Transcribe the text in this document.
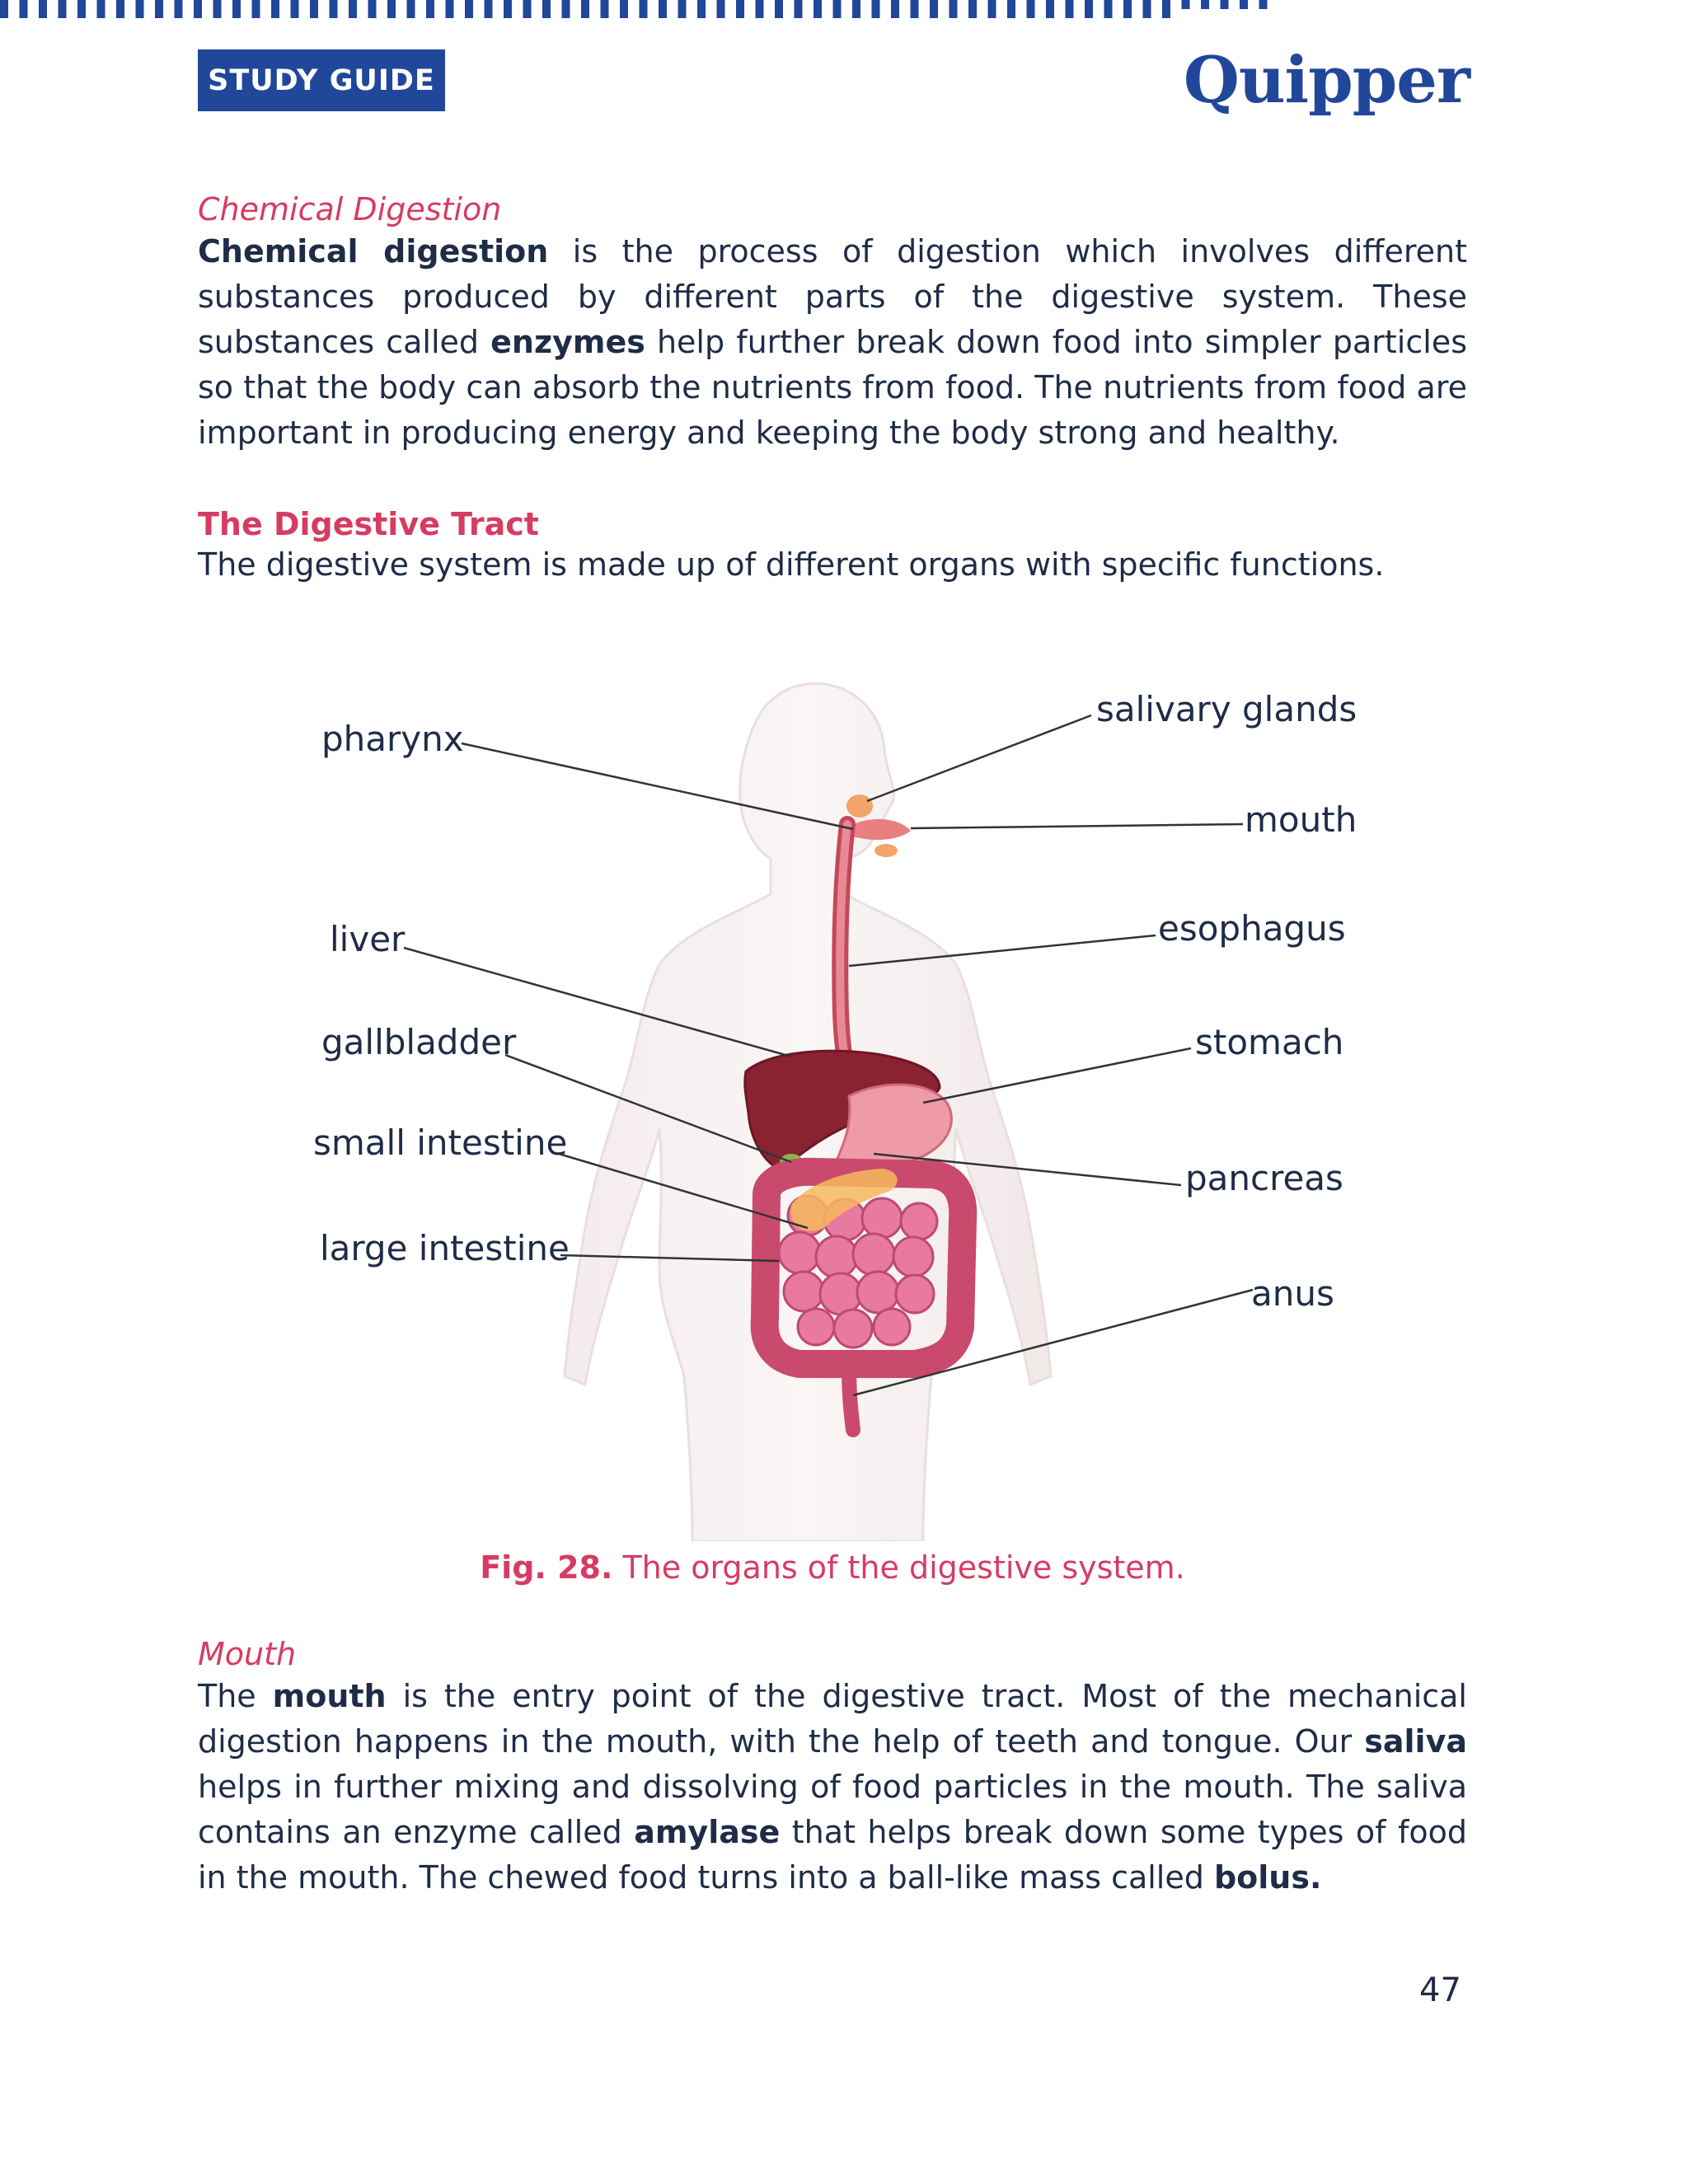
STUDY GUIDE	Quipper
Chemical Digestion
Chemical digestion is the process of digestion which involves different substances produced by different parts of the digestive system. These substances called enzymes help further break down food into simpler particles so that the body can absorb the nutrients from food. The nutrients from food are important in producing energy and keeping the body strong and healthy.
The Digestive Tract
The digestive system is made up of different organs with specific functions.
pharynx
salivary glands
mouth
liver	esophagus
gallbladder	stomach
small intestine
pancreas
large intestine
anus
Fig. 28. The organs of the digestive system.
Mouth
The mouth is the entry point of the digestive tract. Most of the mechanical digestion happens in the mouth, with the help of teeth and tongue. Our saliva helps in further mixing and dissolving of food particles in the mouth. The saliva contains an enzyme called amylase that helps break down some types of food in the mouth. The chewed food turns into a ball-like mass called bolus.
47
